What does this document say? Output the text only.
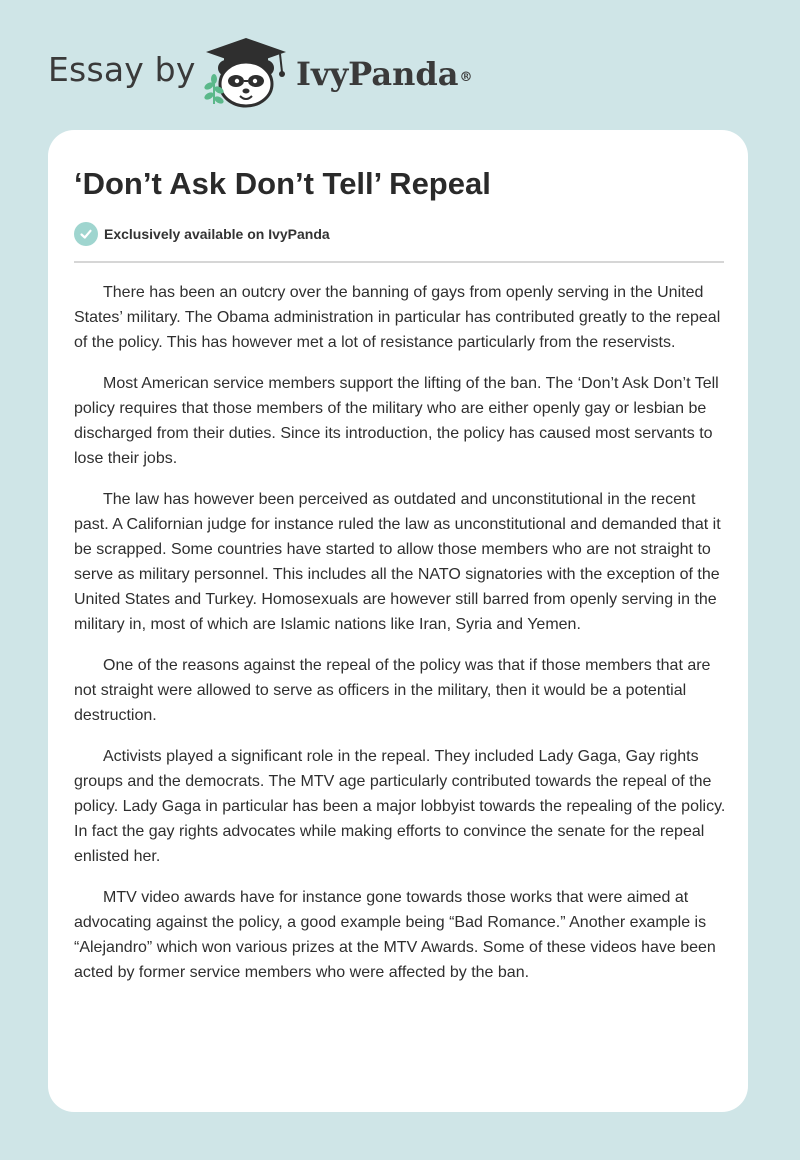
Essay by	IvyPanda®
‘Don’t Ask Don’t Tell’ Repeal
Exclusively available on IvyPanda

There has been an outcry over the banning of gays from openly serving in the United States’ military. The Obama administration in particular has contributed greatly to the repeal of the policy. This has however met a lot of resistance particularly from the reservists.

Most American service members support the lifting of the ban. The ‘Don’t Ask Don’t Tell policy requires that those members of the military who are either openly gay or lesbian be discharged from their duties. Since its introduction, the policy has caused most servants to lose their jobs.

The law has however been perceived as outdated and unconstitutional in the recent past. A Californian judge for instance ruled the law as unconstitutional and demanded that it be scrapped. Some countries have started to allow those members who are not straight to serve as military personnel. This includes all the NATO signatories with the exception of the United States and Turkey. Homosexuals are however still barred from openly serving in the military in, most of which are Islamic nations like Iran, Syria and Yemen.

One of the reasons against the repeal of the policy was that if those members that are not straight were allowed to serve as officers in the military, then it would be a potential destruction.

Activists played a significant role in the repeal. They included Lady Gaga, Gay rights groups and the democrats. The MTV age particularly contributed towards the repeal of the policy. Lady Gaga in particular has been a major lobbyist towards the repealing of the policy. In fact the gay rights advocates while making efforts to convince the senate for the repeal enlisted her.

MTV video awards have for instance gone towards those works that were aimed at advocating against the policy, a good example being “Bad Romance.” Another example is “Alejandro” which won various prizes at the MTV Awards. Some of these videos have been acted by former service members who were affected by the ban.
